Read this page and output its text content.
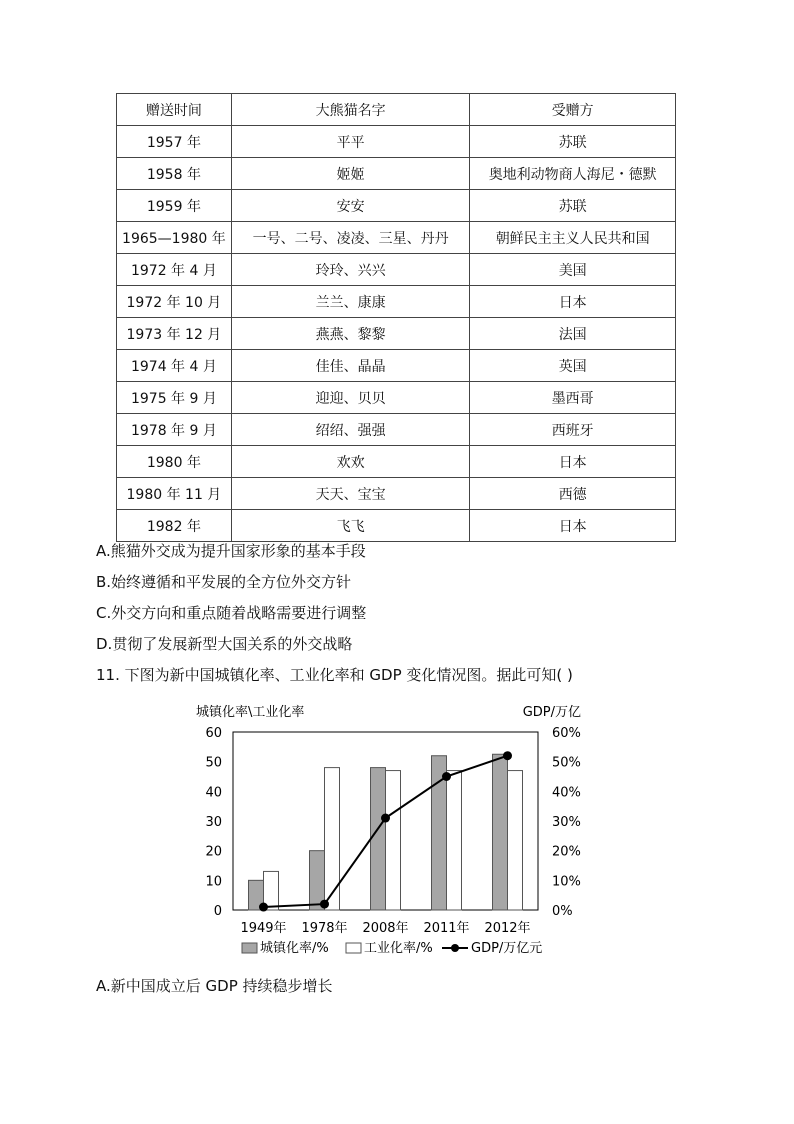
赠送时间	大熊猫名字	受赠方
1957 年	平平	苏联
1958 年	姬姬	奥地利动物商人海尼・德默
1959 年	安安	苏联
1965—1980 年	一号、二号、凌凌、三星、丹丹	朝鲜民主主义人民共和国
1972 年 4 月	玲玲、兴兴	美国
1972 年 10 月	兰兰、康康	日本
1973 年 12 月	燕燕、黎黎	法国
1974 年 4 月	佳佳、晶晶	英国
1975 年 9 月	迎迎、贝贝	墨西哥
1978 年 9 月	绍绍、强强	西班牙
1980 年	欢欢	日本
1980 年 11 月	天天、宝宝	西德
1982 年	飞飞	日本
A.熊猫外交成为提升国家形象的基本手段
B.始终遵循和平发展的全方位外交方针
C.外交方向和重点随着战略需要进行调整
D.贯彻了发展新型大国关系的外交战略
11. 下图为新中国城镇化率、工业化率和 GDP 变化情况图。据此可知( )
城镇化率\工业化率	GDP/万亿
0
10
20
30
40
50
60
0%
10%
20%
30%
40%
50%
60%
1949年 1978年 2008年 2011年 2012年
城镇化率/%	工业化率/%	GDP/万亿元
A.新中国成立后 GDP 持续稳步增长
